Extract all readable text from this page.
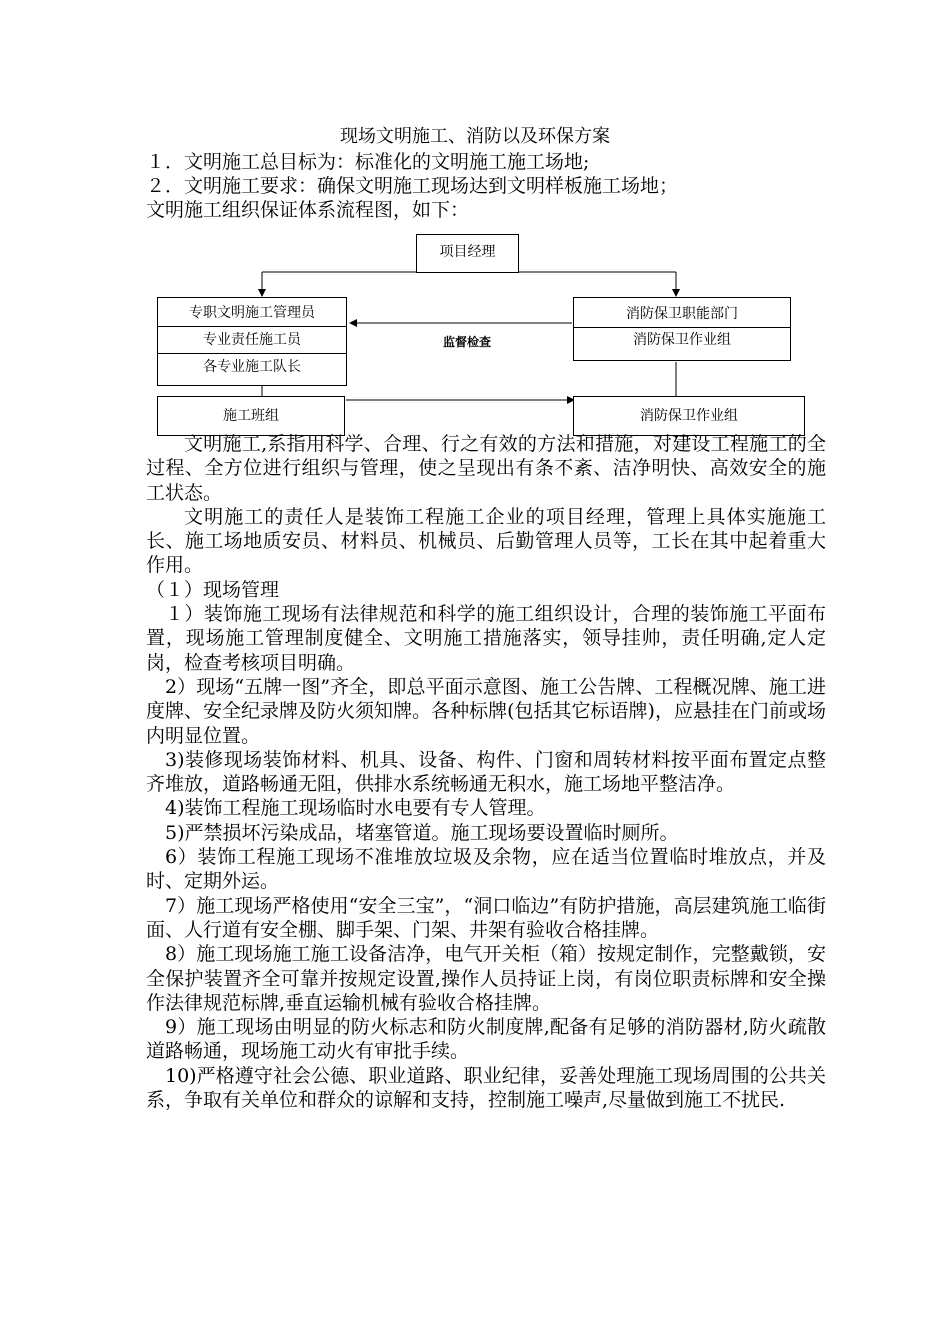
现场文明施工、消防以及环保方案

１．文明施工总目标为：标准化的文明施工施工场地;

２．文明施工要求：确保文明施工现场达到文明样板施工场地；

文明施工组织保证体系流程图，如下：

项目经理
专职文明施工管理员
专业责任施工员
各专业施工队长
消防保卫职能部门
消防保卫作业组
监督检查
施工班组	消防保卫作业组

文明施工,系指用科学、合理、行之有效的方法和措施，对建设工程施工的全过程、全方位进行组织与管理，使之呈现出有条不紊、洁净明快、高效安全的施工状态。

文明施工的责任人是装饰工程施工企业的项目经理，管理上具体实施施工长、施工场地质安员、材料员、机械员、后勤管理人员等，工长在其中起着重大作用。

（１）现场管理

１）装饰施工现场有法律规范和科学的施工组织设计，合理的装饰施工平面布置，现场施工管理制度健全、文明施工措施落实，领导挂帅，责任明确,定人定岗，检查考核项目明确。

2）现场“五牌一图”齐全，即总平面示意图、施工公告牌、工程概况牌、施工进度牌、安全纪录牌及防火须知牌。各种标牌(包括其它标语牌)，应悬挂在门前或场内明显位置。

3)装修现场装饰材料、机具、设备、构件、门窗和周转材料按平面布置定点整齐堆放，道路畅通无阻，供排水系统畅通无积水，施工场地平整洁净。

4)装饰工程施工现场临时水电要有专人管理。

5)严禁损坏污染成品，堵塞管道。施工现场要设置临时厕所。

6）装饰工程施工现场不准堆放垃圾及余物，应在适当位置临时堆放点，并及时、定期外运。

7）施工现场严格使用“安全三宝”，“洞口临边”有防护措施，高层建筑施工临街面、人行道有安全棚、脚手架、门架、井架有验收合格挂牌。

8）施工现场施工施工设备洁净，电气开关柜（箱）按规定制作，完整戴锁，安全保护装置齐全可靠并按规定设置,操作人员持证上岗，有岗位职责标牌和安全操作法律规范标牌,垂直运输机械有验收合格挂牌。

9）施工现场由明显的防火标志和防火制度牌,配备有足够的消防器材,防火疏散道路畅通，现场施工动火有审批手续。

10)严格遵守社会公德、职业道路、职业纪律，妥善处理施工现场周围的公共关系，争取有关单位和群众的谅解和支持，控制施工噪声,尽量做到施工不扰民.
